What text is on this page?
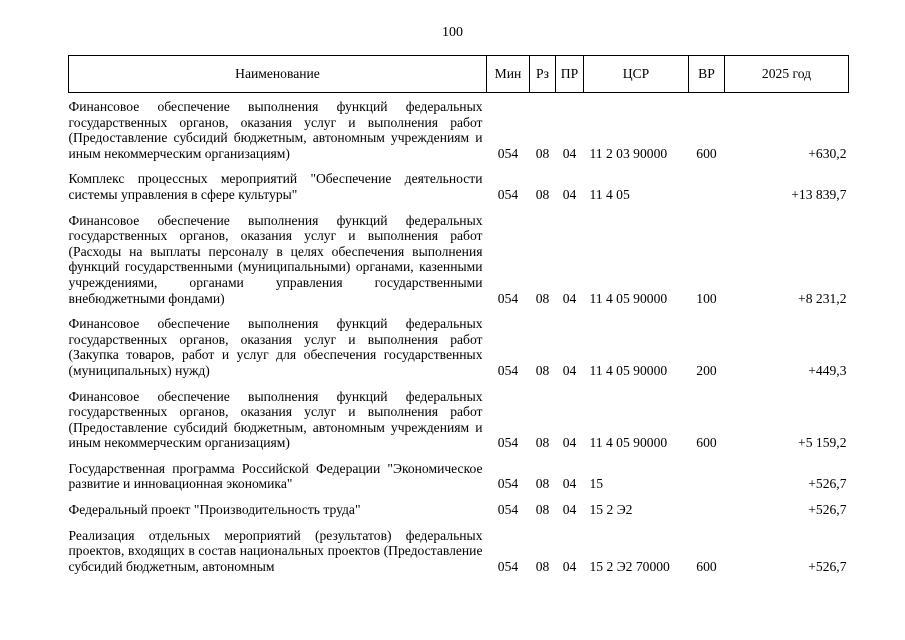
100
Наименование	Мин	Рз	ПР	ЦСР	ВР	2025 год
Финансовое обеспечение выполнения функций федеральных государственных органов, оказания услуг и выполнения работ (Предоставление субсидий бюджетным, автономным учреждениям и иным некоммерческим организациям)	054	08	04	11 2 03 90000	600	+630,2
Комплекс процессных мероприятий "Обеспечение деятельности системы управления в сфере культуры"	054	08	04	11 4 05		+13 839,7
Финансовое обеспечение выполнения функций федеральных государственных органов, оказания услуг и выполнения работ (Расходы на выплаты персоналу в целях обеспечения выполнения функций государственными (муниципальными) органами, казенными учреждениями, органами управления государственными внебюджетными фондами)	054	08	04	11 4 05 90000	100	+8 231,2
Финансовое обеспечение выполнения функций федеральных государственных органов, оказания услуг и выполнения работ (Закупка товаров, работ и услуг для обеспечения государственных (муниципальных) нужд)	054	08	04	11 4 05 90000	200	+449,3
Финансовое обеспечение выполнения функций федеральных государственных органов, оказания услуг и выполнения работ (Предоставление субсидий бюджетным, автономным учреждениям и иным некоммерческим организациям)	054	08	04	11 4 05 90000	600	+5 159,2
Государственная программа Российской Федерации "Экономическое развитие и инновационная экономика"	054	08	04	15		+526,7
Федеральный проект "Производительность труда"	054	08	04	15 2 Э2		+526,7
Реализация отдельных мероприятий (результатов) федеральных проектов, входящих в состав национальных проектов (Предоставление субсидий бюджетным, автономным	054	08	04	15 2 Э2 70000	600	+526,7
